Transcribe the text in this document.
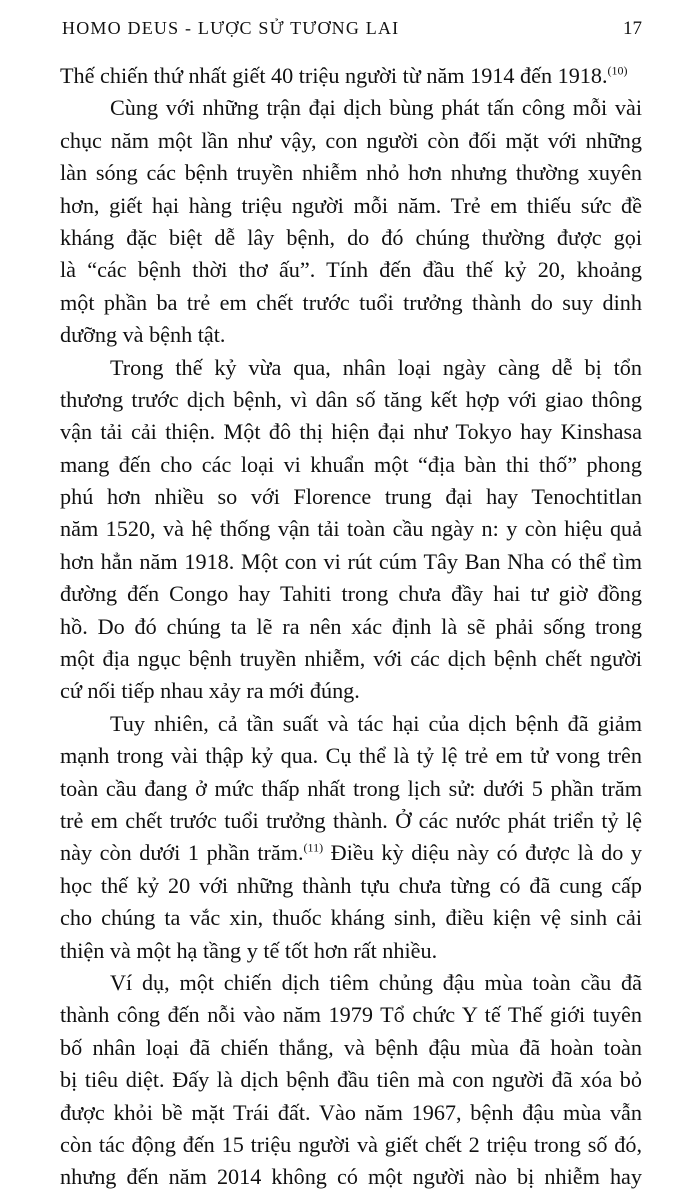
HOMO DEUS - LƯỢC SỬ TƯƠNG LAI	17
Thế chiến thứ nhất giết 40 triệu người từ năm 1914 đến 1918.$^{(10)}$
Cùng với những trận đại dịch bùng phát tấn công mỗi vài
chục năm một lần như vậy, con người còn đối mặt với những
làn sóng các bệnh truyền nhiễm nhỏ hơn nhưng thường xuyên
hơn, giết hại hàng triệu người mỗi năm. Trẻ em thiếu sức đề
kháng đặc biệt dễ lây bệnh, do đó chúng thường được gọi
là “các bệnh thời thơ ấu”. Tính đến đầu thế kỷ 20, khoảng
một phần ba trẻ em chết trước tuổi trưởng thành do suy dinh
dưỡng và bệnh tật.
Trong thế kỷ vừa qua, nhân loại ngày càng dễ bị tổn
thương trước dịch bệnh, vì dân số tăng kết hợp với giao thông
vận tải cải thiện. Một đô thị hiện đại như Tokyo hay Kinshasa
mang đến cho các loại vi khuẩn một “địa bàn thi thố” phong
phú hơn nhiều so với Florence trung đại hay Tenochtitlan
năm 1520, và hệ thống vận tải toàn cầu ngày n: y còn hiệu quả
hơn hẳn năm 1918. Một con vi rút cúm Tây Ban Nha có thể tìm
đường đến Congo hay Tahiti trong chưa đầy hai tư giờ đồng
hồ. Do đó chúng ta lẽ ra nên xác định là sẽ phải sống trong
một địa ngục bệnh truyền nhiễm, với các dịch bệnh chết người
cứ nối tiếp nhau xảy ra mới đúng.
Tuy nhiên, cả tần suất và tác hại của dịch bệnh đã giảm
mạnh trong vài thập kỷ qua. Cụ thể là tỷ lệ trẻ em tử vong trên
toàn cầu đang ở mức thấp nhất trong lịch sử: dưới 5 phần trăm
trẻ em chết trước tuổi trưởng thành. Ở các nước phát triển tỷ lệ
này còn dưới 1 phần trăm.$^{(11)}$ Điều kỳ diệu này có được là do y
học thế kỷ 20 với những thành tựu chưa từng có đã cung cấp
cho chúng ta vắc xin, thuốc kháng sinh, điều kiện vệ sinh cải
thiện và một hạ tầng y tế tốt hơn rất nhiều.
Ví dụ, một chiến dịch tiêm chủng đậu mùa toàn cầu đã
thành công đến nỗi vào năm 1979 Tổ chức Y tế Thế giới tuyên
bố nhân loại đã chiến thắng, và bệnh đậu mùa đã hoàn toàn
bị tiêu diệt. Đấy là dịch bệnh đầu tiên mà con người đã xóa bỏ
được khỏi bề mặt Trái đất. Vào năm 1967, bệnh đậu mùa vẫn
còn tác động đến 15 triệu người và giết chết 2 triệu trong số đó,
nhưng đến năm 2014 không có một người nào bị nhiễm hay
